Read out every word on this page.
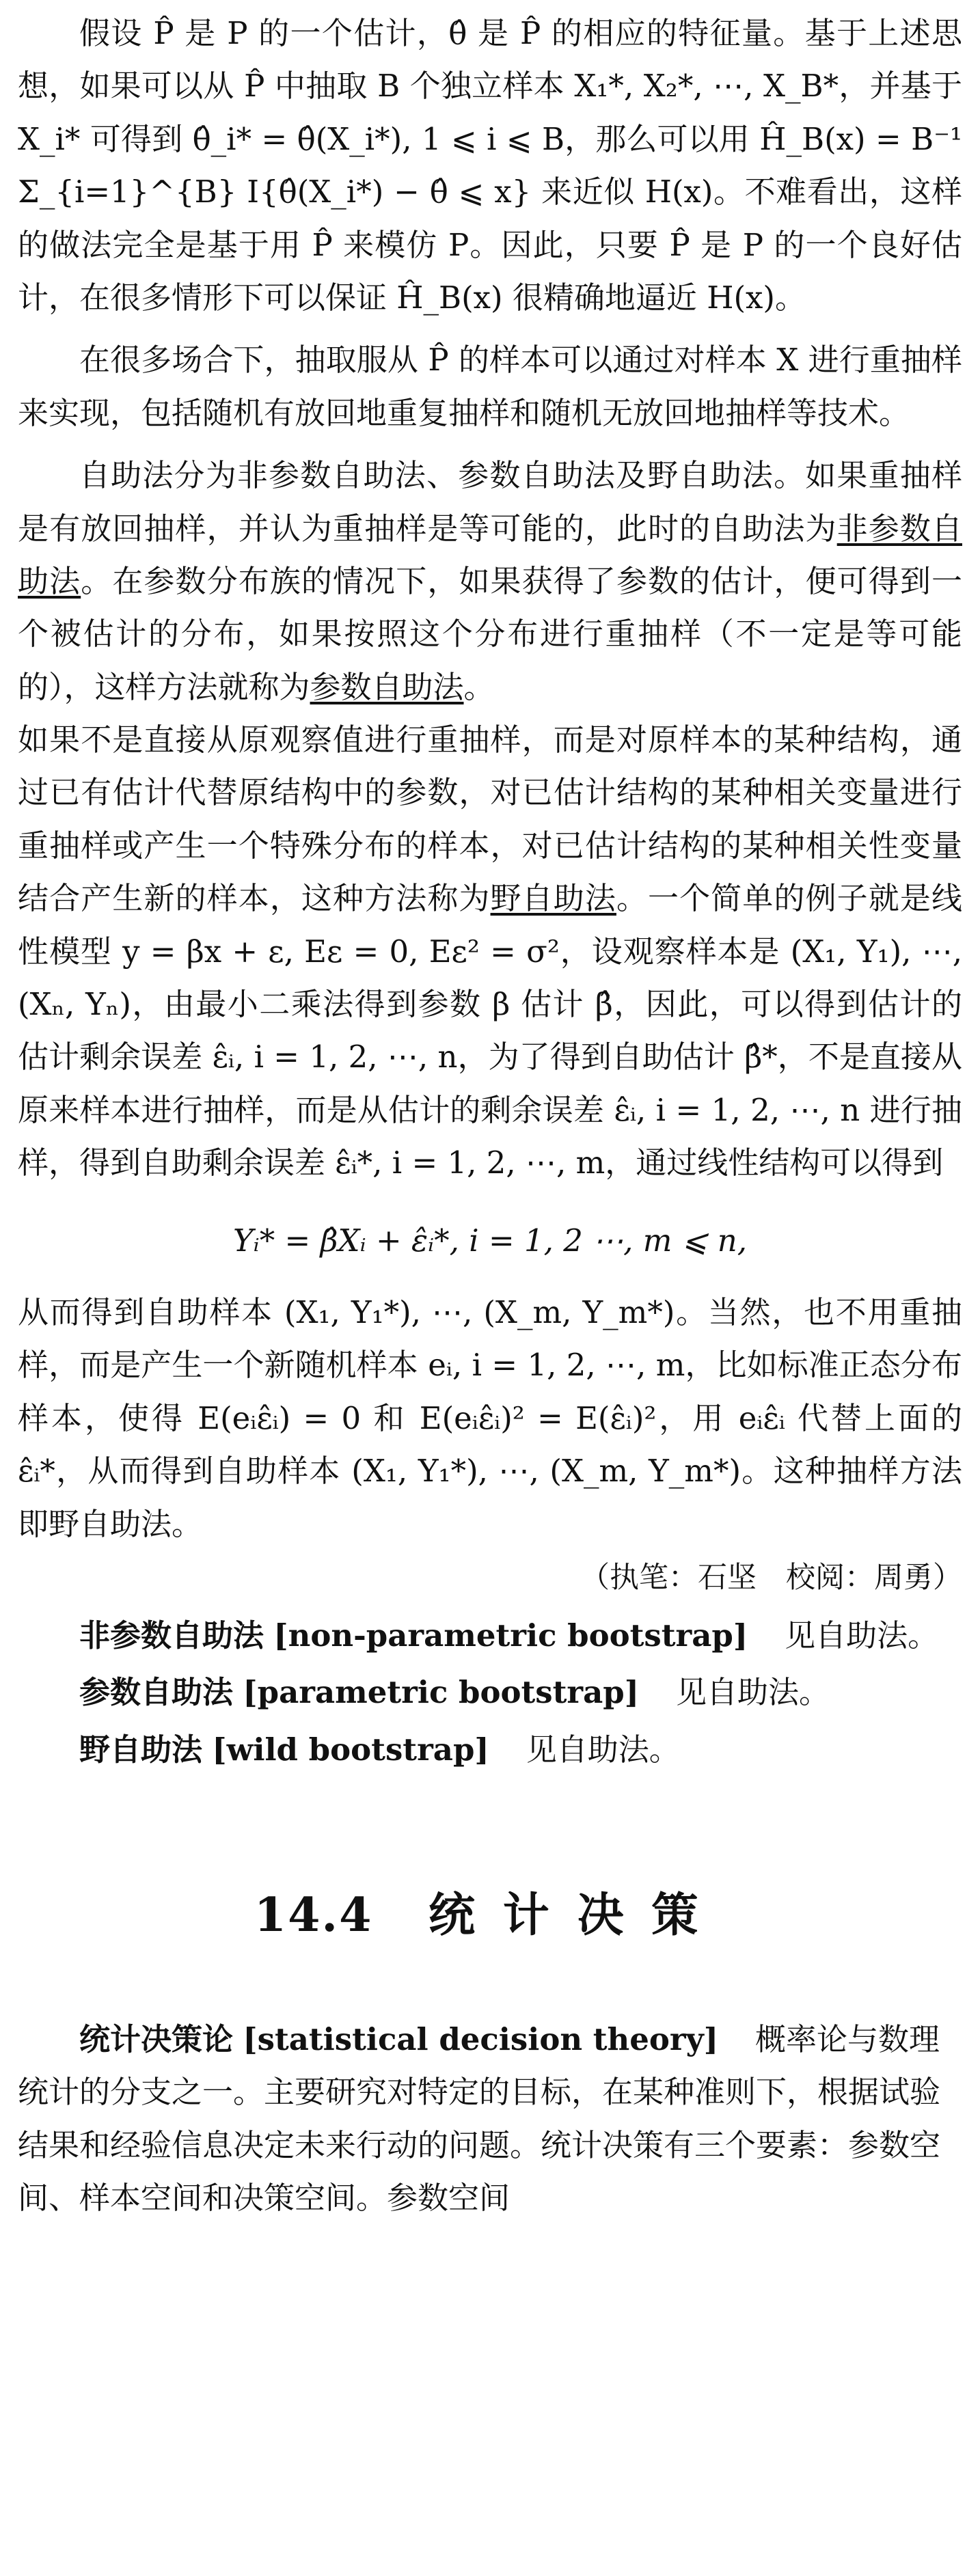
假设 P̂ 是 P 的一个估计，θ̂ 是 P̂ 的相应的特征量。基于上述思想，如果可以从 P̂ 中抽取 B 个独立样本 X₁*, X₂*, ⋯, X_B*，并基于 X_i* 可得到 θ̂_i* = θ̂(X_i*), 1 ⩽ i ⩽ B，那么可以用 Ĥ_B(x) = B⁻¹ Σ_{i=1}^{B} I{θ̂(X_i*) − θ̂ ⩽ x} 来近似 H(x)。不难看出，这样的做法完全是基于用 P̂ 来模仿 P。因此，只要 P̂ 是 P 的一个良好估计，在很多情形下可以保证 Ĥ_B(x) 很精确地逼近 H(x)。

在很多场合下，抽取服从 P̂ 的样本可以通过对样本 X 进行重抽样来实现，包括随机有放回地重复抽样和随机无放回地抽样等技术。

自助法分为非参数自助法、参数自助法及野自助法。如果重抽样是有放回抽样，并认为重抽样是等可能的，此时的自助法为非参数自助法。在参数分布族的情况下，如果获得了参数的估计，便可得到一个被估计的分布，如果按照这个分布进行重抽样（不一定是等可能的），这样方法就称为参数自助法。

如果不是直接从原观察值进行重抽样，而是对原样本的某种结构，通过已有估计代替原结构中的参数，对已估计结构的某种相关变量进行重抽样或产生一个特殊分布的样本，对已估计结构的某种相关性变量结合产生新的样本，这种方法称为野自助法。一个简单的例子就是线性模型 y = βx + ε, Eε = 0, Eε² = σ²，设观察样本是 (X₁, Y₁), ⋯, (Xₙ, Yₙ)，由最小二乘法得到参数 β 估计 β̂，因此，可以得到估计的估计剩余误差 ε̂ᵢ, i = 1, 2, ⋯, n，为了得到自助估计 β̂*，不是直接从原来样本进行抽样，而是从估计的剩余误差 ε̂ᵢ, i = 1, 2, ⋯, n 进行抽样，得到自助剩余误差 ε̂ᵢ*, i = 1, 2, ⋯, m，通过线性结构可以得到

Yᵢ* = β̂Xᵢ + ε̂ᵢ*, i = 1, 2 ⋯, m ⩽ n,

从而得到自助样本 (X₁, Y₁*), ⋯, (X_m, Y_m*)。当然，也不用重抽样，而是产生一个新随机样本 eᵢ, i = 1, 2, ⋯, m，比如标准正态分布样本，使得 E(eᵢε̂ᵢ) = 0 和 E(eᵢε̂ᵢ)² = E(ε̂ᵢ)²，用 eᵢε̂ᵢ 代替上面的 ε̂ᵢ*，从而得到自助样本 (X₁, Y₁*), ⋯, (X_m, Y_m*)。这种抽样方法即野自助法。

（执笔：石坚　校阅：周勇）

非参数自助法 [non-parametric bootstrap] 见自助法。

参数自助法 [parametric bootstrap] 见自助法。

野自助法 [wild bootstrap] 见自助法。

14.4 统计决策

统计决策论 [statistical decision theory] 概率论与数理统计的分支之一。主要研究对特定的目标，在某种准则下，根据试验结果和经验信息决定未来行动的问题。统计决策有三个要素：参数空间、样本空间和决策空间。参数空间
